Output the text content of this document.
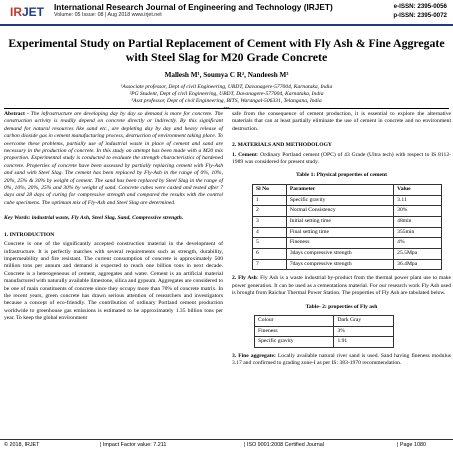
IRJET	International Research Journal of Engineering and Technology (IRJET)
Volume: 05 Issue: 08 | Aug 2018 www.irjet.net
e-ISSN: 2395-0056
p-ISSN: 2395-0072
Experimental Study on Partial Replacement of Cement with Fly Ash & Fine Aggregate with Steel Slag for M20 Grade Concrete
Mallesh M¹, Soumya C R², Nandeesh M³
¹Associate professor, Dept of civil Engineering, UBDT, Davanagere-577004, Karnataka, India
²PG Student, Dept of civil Engineering, UBDT, Davanagere-577004, Karnataka, India
³Asst professor, Dept of civil Engineering, BITS, Warangal-506331, Telangana, India

Abstract - The infrastructure are developing day by day so demand is more for concrete. The construction activity is readily depend on concrete directly or indirectly. By this significant demand for natural resources like sand etc., are depleting day by day and heavy release of carbon dioxide gas in cement manufacturing process, destruction of environment taking place. To overcome these problems, partially use of industrial waste in place of cement and sand are necessary in the production of concrete. In this study an attempt has been made with a M20 mix proportion. Experimental study is conducted to evaluate the strength characteristics of hardened concrete. Properties of concrete have been assessed by partially replacing cement with Fly-Ash and sand with Steel Slag. The cement has been replaced by Fly-Ash in the range of 0%, 10%, 20%, 25% & 30% by weight of cement. The sand has been replaced by Steel Slag in the range of 0%, 10%, 20%, 25% and 30% by weight of sand. Concrete cubes were casted and tested after 7 days and 28 days of curing for compressive strength and compared the results with the control cube specimens. The optimum mix of Fly-Ash and Steel Slag are determined.

Key Words: industrial waste, Fly Ash, Steel Slag, Sand, Compressive strength.

1. INTRODUCTION

Concrete is one of the significantly accepted construction material in the development of infrastructure. It is perfectly matches with several requirements such as strength, durability, impermeability and fire resistant. The current consumption of concrete is approximately 500 million tons per annum and demand is expected to reach one billion tons in next decade. Concrete is a heterogeneous of cement, aggregates and water. Cement is an artificial material manufactured with naturally available limestone, silica and gypsum. Aggregates are considered to be one of main constituents of concrete since they occupy more than 70% of concrete matrix. In the recent years, green concrete has drawn serious attention of researchers and investigators because a concept of eco-friendly. The contribution of ordinary Portland cement production worldwide to greenhouse gas emissions is estimated to be approximately 1.35 billion tons per year. To keep the global environment

safe from the consequence of cement production, it is essential to explore the alternative materials that can at least partially eliminate the use of cement in concrete and no environment destruction.

2. MATERIALS AND METHODOLOGY

1. Cement: Ordinary Portland cement (OPC) of 43 Grade (Ultra tech) with respect to IS 8112-1989 was considered for present study.

Table 1: Physical properties of cement

Sl No	Parameter	Value
1	Specific gravity	3.11
2	Normal Consistency	30%
3	Initial setting time	48min
4	Final setting time	355min
5	Fineness	4%
6	3days compressive strength	25.5Mpa
7	7days compressive strength	36.4Mpa

2. Fly Ash: Fly Ash is a waste industrial by-product from the thermal power plant use to make power generation. It can be used as a cementations material. For our research work Fly Ash used is brought from Raichur Thermal Power Station. The properties of Fly Ash are tabulated below.

Table- 2: properties of Fly ash

Colour	Dark Gray
Fineness	3%
Specific gravity	1.91

3. Fine aggregate: Locally available natural river sand is used. Sand having fineness modulus 3.17 and confirmed to grading zone-I as per IS: 383-1970 recommendation.

© 2018, IRJET	| Impact Factor value: 7.211	| ISO 9001:2008 Certified Journal	| Page 1080
